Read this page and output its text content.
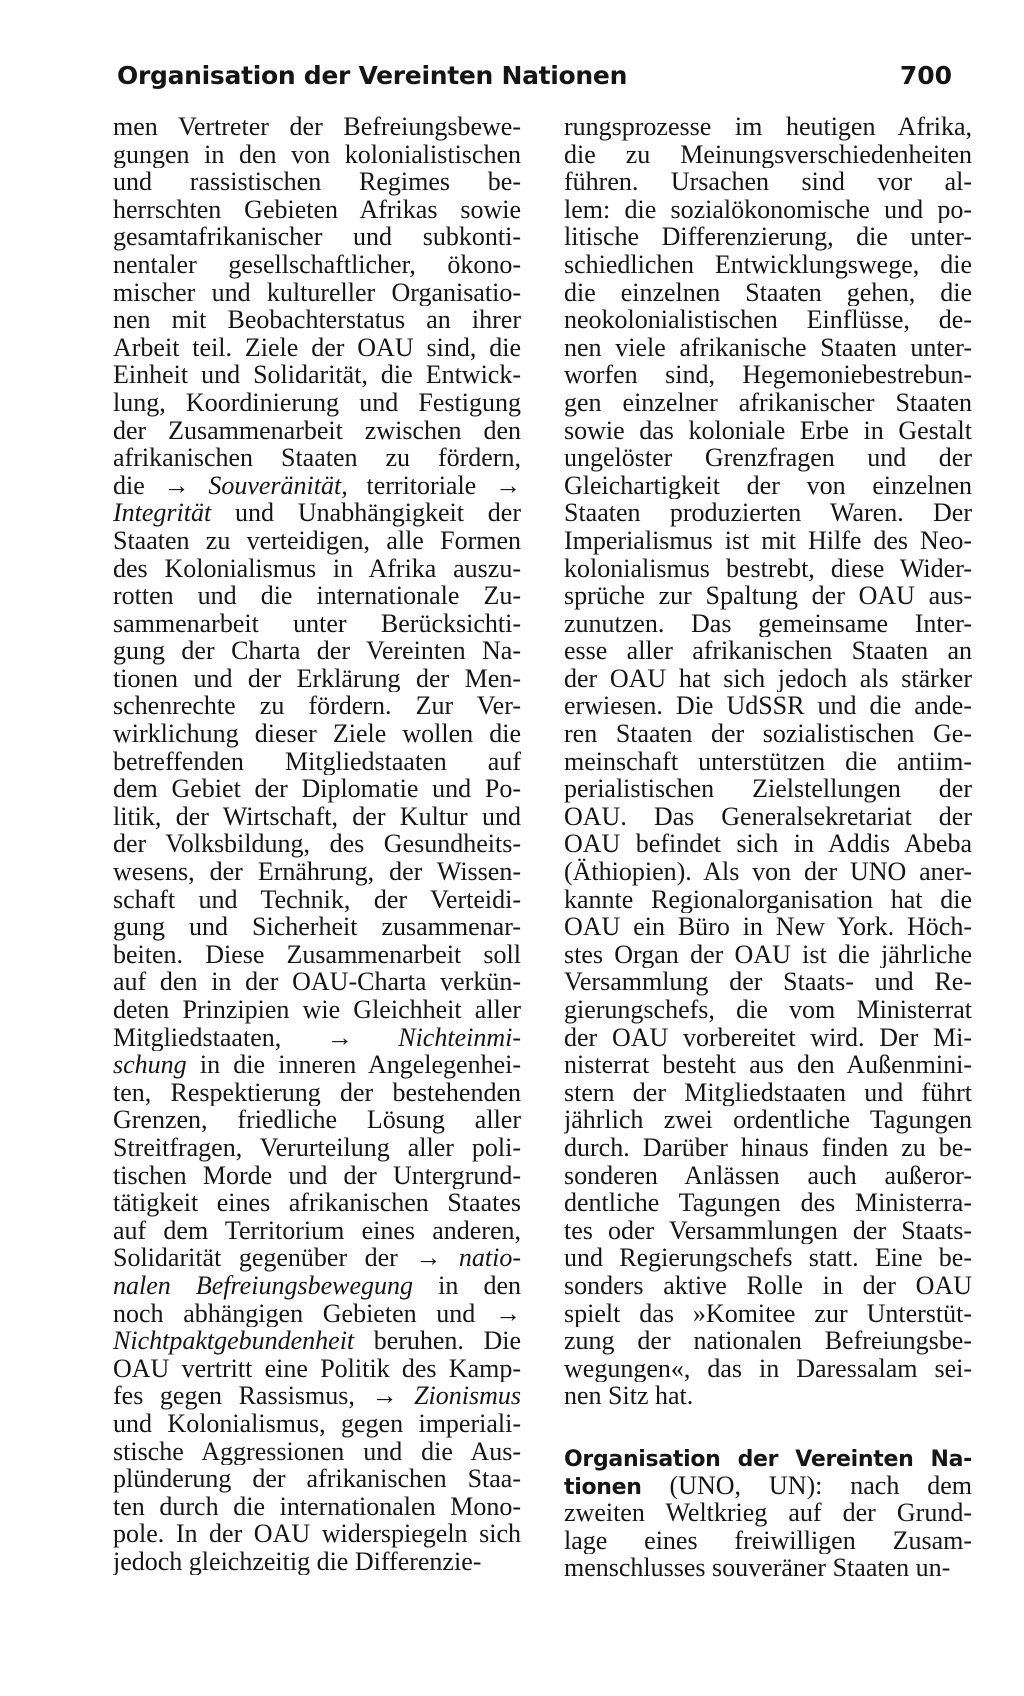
Organisation der Vereinten Nationen	700
men Vertreter der Befreiungsbewe-
gungen in den von kolonialistischen
und rassistischen Regimes be-
herrschten Gebieten Afrikas sowie
gesamtafrikanischer und subkonti-
nentaler gesellschaftlicher, ökono-
mischer und kultureller Organisatio-
nen mit Beobachterstatus an ihrer
Arbeit teil. Ziele der OAU sind, die
Einheit und Solidarität, die Entwick-
lung, Koordinierung und Festigung
der Zusammenarbeit zwischen den
afrikanischen Staaten zu fördern,
die → Souveränität, territoriale →
Integrität und Unabhängigkeit der
Staaten zu verteidigen, alle Formen
des Kolonialismus in Afrika auszu-
rotten und die internationale Zu-
sammenarbeit unter Berücksichti-
gung der Charta der Vereinten Na-
tionen und der Erklärung der Men-
schenrechte zu fördern. Zur Ver-
wirklichung dieser Ziele wollen die
betreffenden Mitgliedstaaten auf
dem Gebiet der Diplomatie und Po-
litik, der Wirtschaft, der Kultur und
der Volksbildung, des Gesundheits-
wesens, der Ernährung, der Wissen-
schaft und Technik, der Verteidi-
gung und Sicherheit zusammenar-
beiten. Diese Zusammenarbeit soll
auf den in der OAU-Charta verkün-
deten Prinzipien wie Gleichheit aller
Mitgliedstaaten, → Nichteinmi-
schung in die inneren Angelegenhei-
ten, Respektierung der bestehenden
Grenzen, friedliche Lösung aller
Streitfragen, Verurteilung aller poli-
tischen Morde und der Untergrund-
tätigkeit eines afrikanischen Staates
auf dem Territorium eines anderen,
Solidarität gegenüber der → natio-
nalen Befreiungsbewegung in den
noch abhängigen Gebieten und →
Nichtpaktgebundenheit beruhen. Die
OAU vertritt eine Politik des Kamp-
fes gegen Rassismus, → Zionismus
und Kolonialismus, gegen imperiali-
stische Aggressionen und die Aus-
plünderung der afrikanischen Staa-
ten durch die internationalen Mono-
pole. In der OAU widerspiegeln sich
jedoch gleichzeitig die Differenzie-
rungsprozesse im heutigen Afrika,
die zu Meinungsverschiedenheiten
führen. Ursachen sind vor al-
lem: die sozialökonomische und po-
litische Differenzierung, die unter-
schiedlichen Entwicklungswege, die
die einzelnen Staaten gehen, die
neokolonialistischen Einflüsse, de-
nen viele afrikanische Staaten unter-
worfen sind, Hegemoniebestrebun-
gen einzelner afrikanischer Staaten
sowie das koloniale Erbe in Gestalt
ungelöster Grenzfragen und der
Gleichartigkeit der von einzelnen
Staaten produzierten Waren. Der
Imperialismus ist mit Hilfe des Neo-
kolonialismus bestrebt, diese Wider-
sprüche zur Spaltung der OAU aus-
zunutzen. Das gemeinsame Inter-
esse aller afrikanischen Staaten an
der OAU hat sich jedoch als stärker
erwiesen. Die UdSSR und die ande-
ren Staaten der sozialistischen Ge-
meinschaft unterstützen die antiim-
perialistischen Zielstellungen der
OAU. Das Generalsekretariat der
OAU befindet sich in Addis Abeba
(Äthiopien). Als von der UNO aner-
kannte Regionalorganisation hat die
OAU ein Büro in New York. Höch-
stes Organ der OAU ist die jährliche
Versammlung der Staats- und Re-
gierungschefs, die vom Ministerrat
der OAU vorbereitet wird. Der Mi-
nisterrat besteht aus den Außenmini-
stern der Mitgliedstaaten und führt
jährlich zwei ordentliche Tagungen
durch. Darüber hinaus finden zu be-
sonderen Anlässen auch außeror-
dentliche Tagungen des Ministerra-
tes oder Versammlungen der Staats-
und Regierungschefs statt. Eine be-
sonders aktive Rolle in der OAU
spielt das »Komitee zur Unterstüt-
zung der nationalen Befreiungsbe-
wegungen«, das in Daressalam sei-
nen Sitz hat.
Organisation der Vereinten Na-
tionen (UNO, UN): nach dem
zweiten Weltkrieg auf der Grund-
lage eines freiwilligen Zusam-
menschlusses souveräner Staaten un-
